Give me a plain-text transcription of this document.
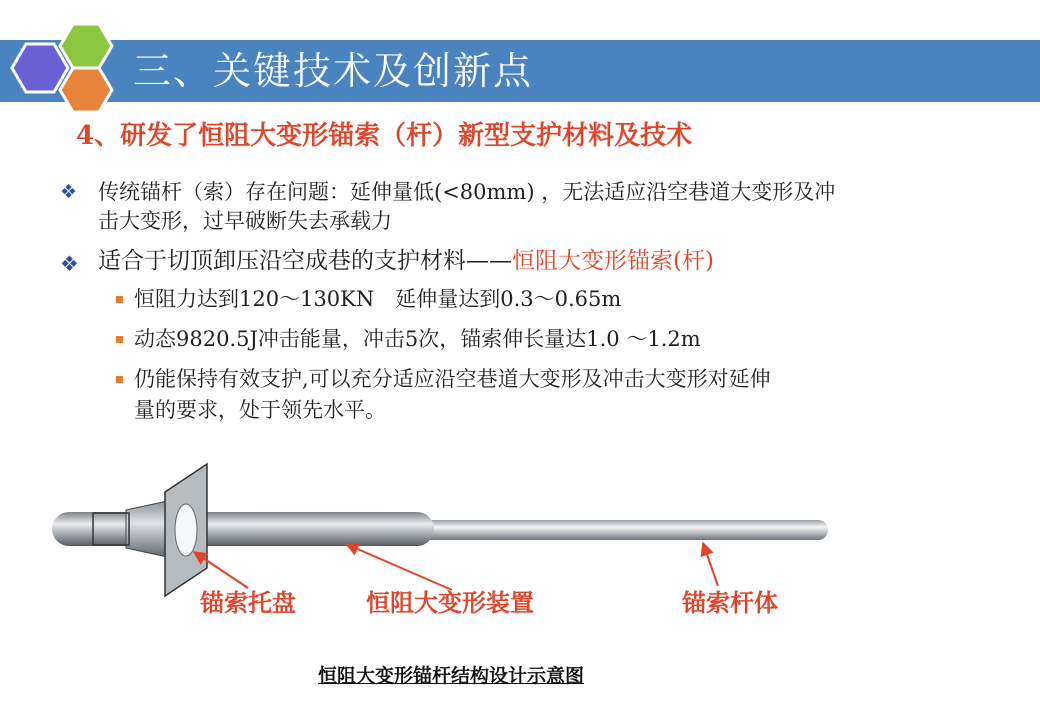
三、关键技术及创新点
4、研发了恒阻大变形锚索（杆）新型支护材料及技术
❖ 传统锚杆（索）存在问题：延伸量低(<80mm) ，无法适应沿空巷道大变形及冲
击大变形，过早破断失去承载力
❖ 适合于切顶卸压沿空成巷的支护材料——恒阻大变形锚索(杆)
恒阻力达到120～130KN　延伸量达到0.3～0.65m
动态9820.5J冲击能量，冲击5次，锚索伸长量达1.0 ～1.2m
仍能保持有效支护,可以充分适应沿空巷道大变形及冲击大变形对延伸
量的要求，处于领先水平。
锚索托盘	恒阻大变形装置	锚索杆体
恒阻大变形锚杆结构设计示意图
